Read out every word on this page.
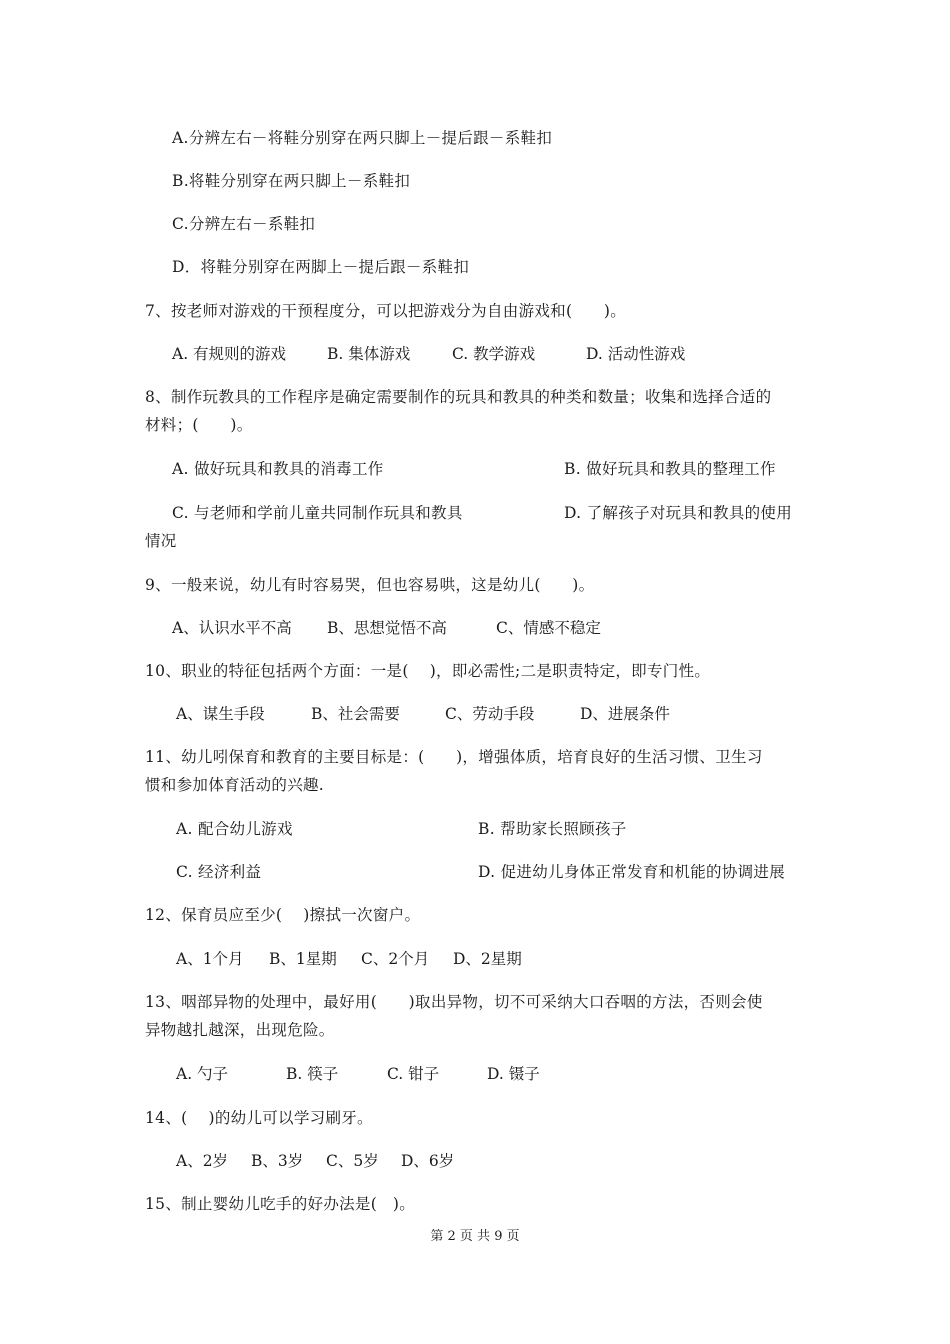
A.分辨左右－将鞋分别穿在两只脚上－提后跟－系鞋扣
B.将鞋分别穿在两只脚上－系鞋扣
C.分辨左右－系鞋扣
D．将鞋分别穿在两脚上－提后跟－系鞋扣
7、按老师对游戏的干预程度分，可以把游戏分为自由游戏和(　　)。
A. 有规则的游戏	B. 集体游戏	C. 教学游戏	D. 活动性游戏
8、制作玩教具的工作程序是确定需要制作的玩具和教具的种类和数量；收集和选择合适的
材料；(　　)。
A. 做好玩具和教具的消毒工作	B. 做好玩具和教具的整理工作
C. 与老师和学前儿童共同制作玩具和教具	D. 了解孩子对玩具和教具的使用
情况
9、一般来说，幼儿有时容易哭，但也容易哄，这是幼儿(　　)。
A、认识水平不高 B、思想觉悟不高	C、情感不稳定
10、职业的特征包括两个方面：一是(　 )，即必需性;二是职责特定，即专门性。
A、谋生手段	B、社会需要	C、劳动手段	D、进展条件
11、幼儿吲保育和教育的主要目标是：(　　)，增强体质，培育良好的生活习惯、卫生习
惯和参加体育活动的兴趣.
A. 配合幼儿游戏	B. 帮助家长照顾孩子
C. 经济利益	D. 促进幼儿身体正常发育和机能的协调进展
12、保育员应至少(　 )擦拭一次窗户。
A、1个月 B、1星期 C、2个月 D、2星期
13、咽部异物的处理中，最好用(　　)取出异物，切不可采纳大口吞咽的方法，否则会使
异物越扎越深，出现危险。
A. 勺子	B. 筷子	C. 钳子	D. 镊子
14、(　 )的幼儿可以学习刷牙。
A、2岁 B、3岁 C、5岁 D、6岁
15、制止婴幼儿吃手的好办法是(　)。
第 2 页 共 9 页
